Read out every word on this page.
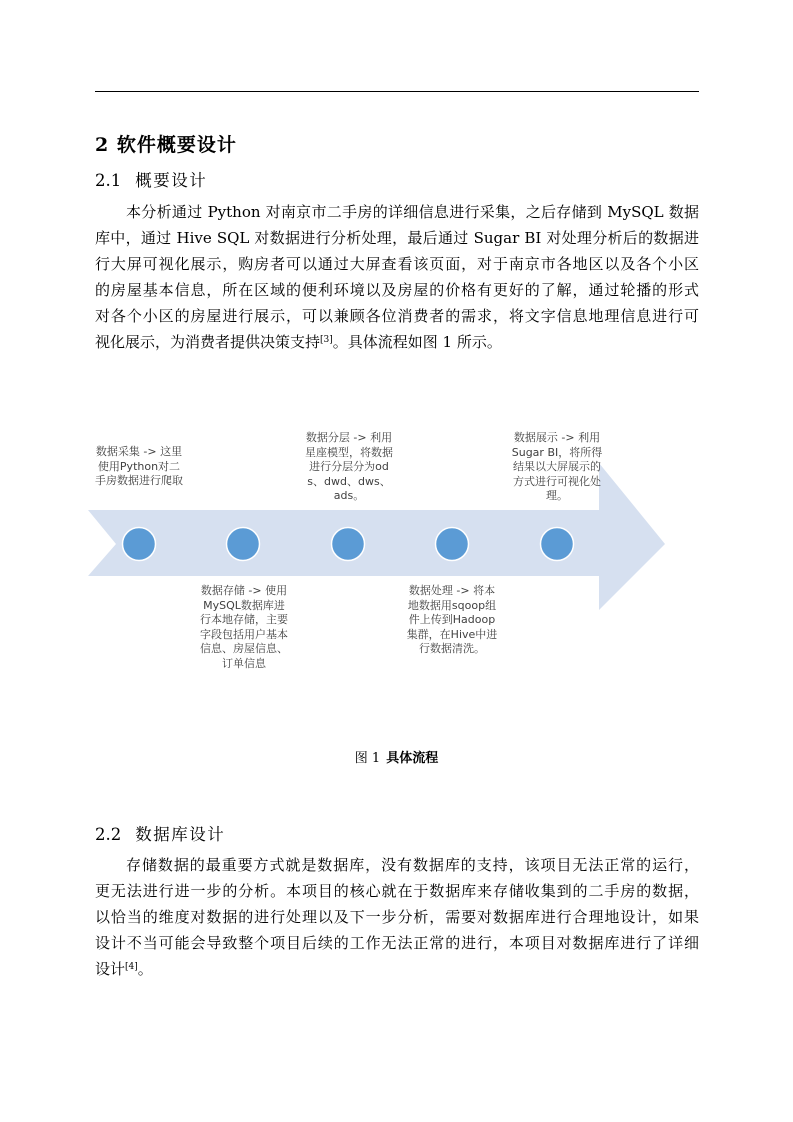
2 软件概要设计
2.1 概要设计
本分析通过 Python 对南京市二手房的详细信息进行采集，之后存储到 MySQL 数据
库中，通过 Hive SQL 对数据进行分析处理，最后通过 Sugar BI 对处理分析后的数据进
行大屏可视化展示，购房者可以通过大屏查看该页面，对于南京市各地区以及各个小区
的房屋基本信息，所在区域的便利环境以及房屋的价格有更好的了解，通过轮播的形式
对各个小区的房屋进行展示，可以兼顾各位消费者的需求，将文字信息地理信息进行可
视化展示，为消费者提供决策支持[3]。具体流程如图 1 所示。
数据采集 -> 这里使用Python对二手房数据进行爬取
数据存储 -> 使用MySQL数据库进行本地存储，主要字段包括用户基本信息、房屋信息、订单信息
数据分层 -> 利用星座模型，将数据进行分层分为ods、dwd、dws、ads。
数据处理 -> 将本地数据用sqoop组件上传到Hadoop集群，在Hive中进行数据清洗。
数据展示 -> 利用Sugar BI，将所得结果以大屏展示的方式进行可视化处理。
图 1 具体流程
2.2 数据库设计
存储数据的最重要方式就是数据库，没有数据库的支持，该项目无法正常的运行，
更无法进行进一步的分析。本项目的核心就在于数据库来存储收集到的二手房的数据，
以恰当的维度对数据的进行处理以及下一步分析，需要对数据库进行合理地设计，如果
设计不当可能会导致整个项目后续的工作无法正常的进行，本项目对数据库进行了详细
设计[4]。
